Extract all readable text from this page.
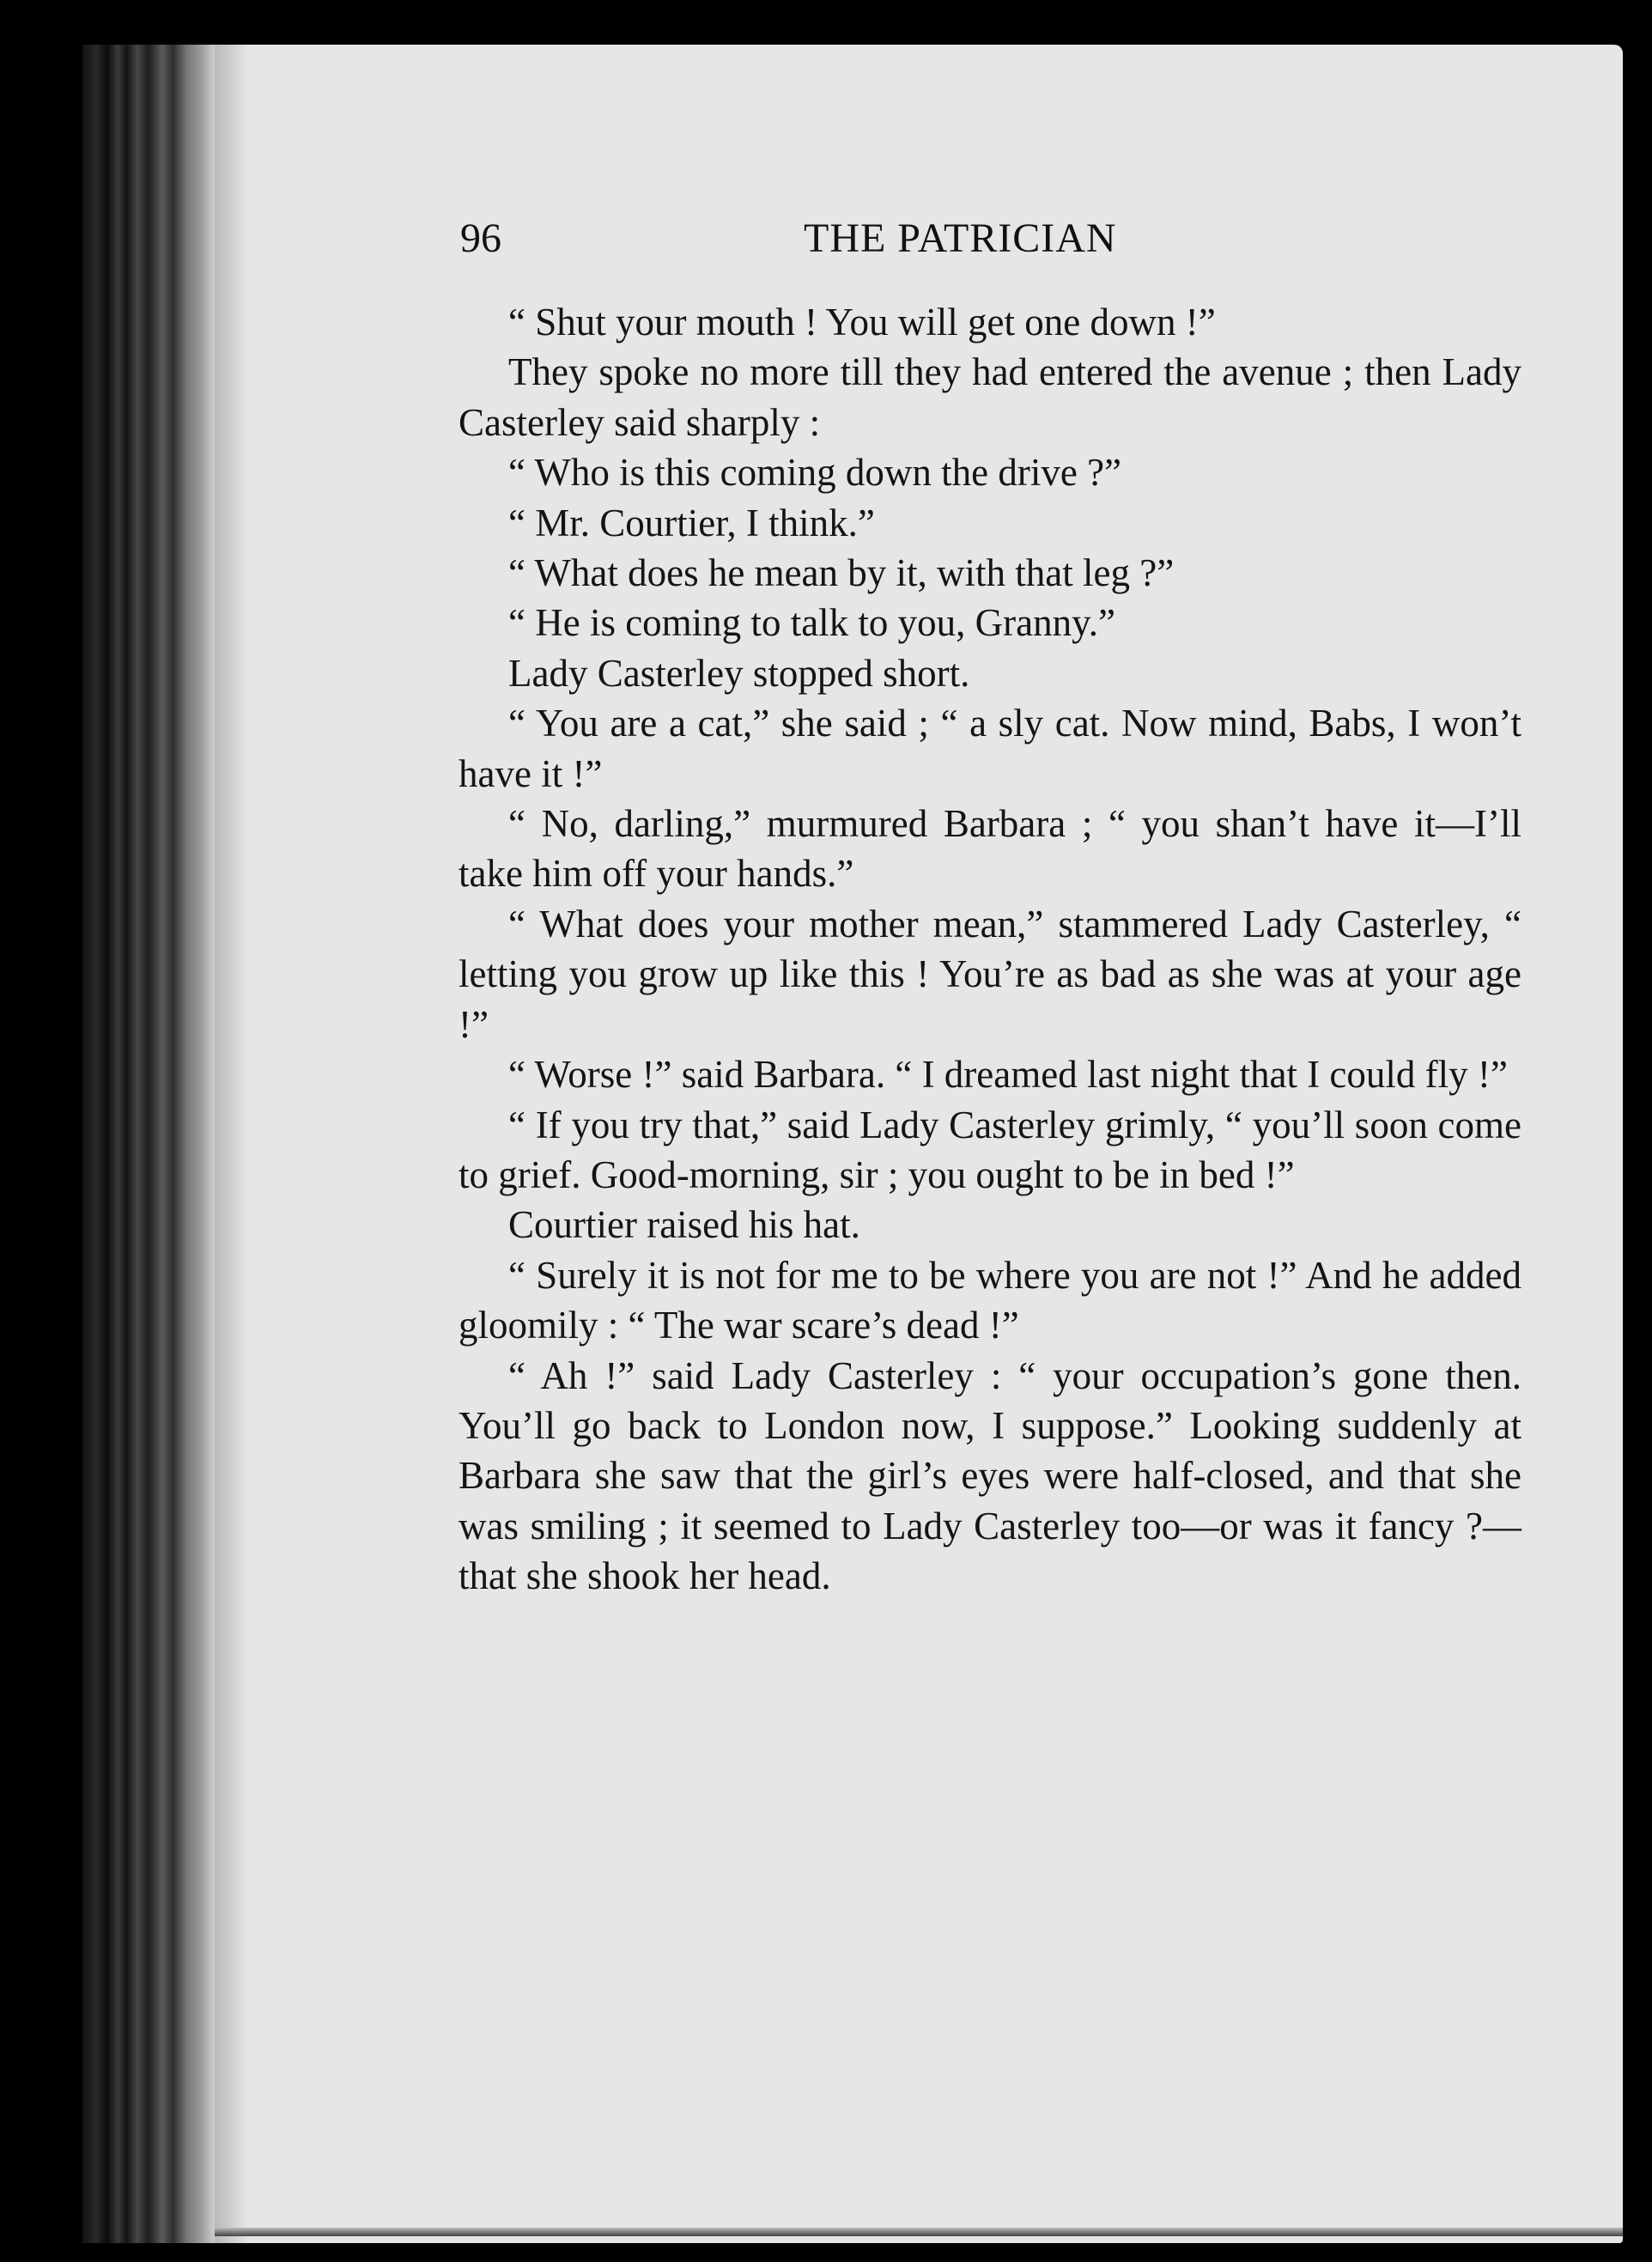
96	THE PATRICIAN

“ Shut your mouth ! You will get one down !”

They spoke no more till they had entered the avenue ; then Lady Casterley said sharply :

“ Who is this coming down the drive ?”

“ Mr. Courtier, I think.”

“ What does he mean by it, with that leg ?”

“ He is coming to talk to you, Granny.”

Lady Casterley stopped short.

“ You are a cat,” she said ; “ a sly cat. Now mind, Babs, I won’t have it !”

“ No, darling,” murmured Barbara ; “ you shan’t have it—I’ll take him off your hands.”

“ What does your mother mean,” stammered Lady Casterley, “ letting you grow up like this ! You’re as bad as she was at your age !”

“ Worse !” said Barbara. “ I dreamed last night that I could fly !”

“ If you try that,” said Lady Casterley grimly, “ you’ll soon come to grief. Good-morning, sir ; you ought to be in bed !”

Courtier raised his hat.

“ Surely it is not for me to be where you are not !” And he added gloomily : “ The war scare’s dead !”

“ Ah !” said Lady Casterley : “ your occupation’s gone then. You’ll go back to London now, I suppose.” Looking suddenly at Barbara she saw that the girl’s eyes were half-closed, and that she was smiling ; it seemed to Lady Casterley too—or was it fancy ?—that she shook her head.
